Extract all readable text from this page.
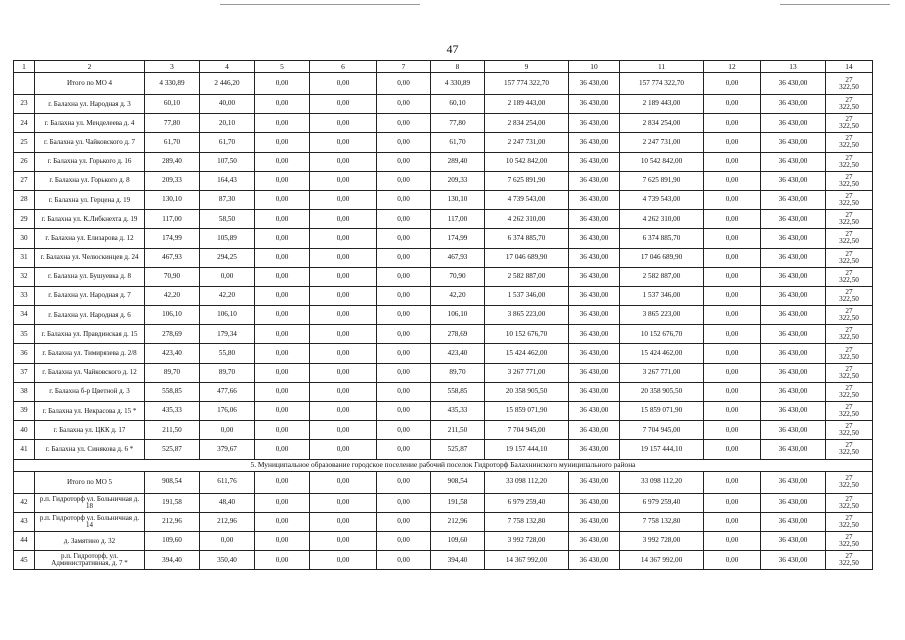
47
1	2	3	4	5	6	7	8	9	10	11	12	13	14
	Итого по МО 4	4 330,89	2 446,20	0,00	0,00	0,00	4 330,89	157 774 322,70	36 430,00	157 774 322,70	0,00	36 430,00	27
322,50

23	г. Балахна ул. Народная д. 3	60,10	40,00	0,00	0,00	0,00	60,10	2 189 443,00	36 430,00	2 189 443,00	0,00	36 430,00	27
322,50

24	г. Балахна ул. Менделеева д. 4	77,80	20,10	0,00	0,00	0,00	77,80	2 834 254,00	36 430,00	2 834 254,00	0,00	36 430,00	27
322,50

25	г. Балахна ул. Чайковского д. 7	61,70	61,70	0,00	0,00	0,00	61,70	2 247 731,00	36 430,00	2 247 731,00	0,00	36 430,00	27
322,50

26	г. Балахна ул. Горького д. 16	289,40	107,50	0,00	0,00	0,00	289,40	10 542 842,00	36 430,00	10 542 842,00	0,00	36 430,00	27
322,50

27	г. Балахна ул. Горького д. 8	209,33	164,43	0,00	0,00	0,00	209,33	7 625 891,90	36 430,00	7 625 891,90	0,00	36 430,00	27
322,50

28	г. Балахна ул. Герцена д. 19	130,10	87,30	0,00	0,00	0,00	130,10	4 739 543,00	36 430,00	4 739 543,00	0,00	36 430,00	27
322,50

29	г. Балахна ул. К.Либкнехта д. 19	117,00	58,50	0,00	0,00	0,00	117,00	4 262 310,00	36 430,00	4 262 310,00	0,00	36 430,00	27
322,50

30	г. Балахна ул. Елизарова д. 12	174,99	105,89	0,00	0,00	0,00	174,99	6 374 885,70	36 430,00	6 374 885,70	0,00	36 430,00	27
322,50

31	г. Балахна ул. Челюскинцев д. 24	467,93	294,25	0,00	0,00	0,00	467,93	17 046 689,90	36 430,00	17 046 689,90	0,00	36 430,00	27
322,50

32	г. Балахна ул. Бушуевка д. 8	70,90	0,00	0,00	0,00	0,00	70,90	2 582 887,00	36 430,00	2 582 887,00	0,00	36 430,00	27
322,50

33	г. Балахна ул. Народная д. 7	42,20	42,20	0,00	0,00	0,00	42,20	1 537 346,00	36 430,00	1 537 346,00	0,00	36 430,00	27
322,50

34	г. Балахна ул. Народная д. 6	106,10	106,10	0,00	0,00	0,00	106,10	3 865 223,00	36 430,00	3 865 223,00	0,00	36 430,00	27
322,50

35	г. Балахна ул. Правдинская д. 15	278,69	179,34	0,00	0,00	0,00	278,69	10 152 676,70	36 430,00	10 152 676,70	0,00	36 430,00	27
322,50

36	г. Балахна ул. Тимирязева д. 2/8	423,40	55,80	0,00	0,00	0,00	423,40	15 424 462,00	36 430,00	15 424 462,00	0,00	36 430,00	27
322,50

37	г. Балахна ул. Чайковского д. 12	89,70	89,70	0,00	0,00	0,00	89,70	3 267 771,00	36 430,00	3 267 771,00	0,00	36 430,00	27
322,50

38	г. Балахна б-р Цветной д. 3	558,85	477,66	0,00	0,00	0,00	558,85	20 358 905,50	36 430,00	20 358 905,50	0,00	36 430,00	27
322,50

39	г. Балахна ул. Некрасова д. 15 *	435,33	176,06	0,00	0,00	0,00	435,33	15 859 071,90	36 430,00	15 859 071,90	0,00	36 430,00	27
322,50

40	г. Балахна ул. ЦКК д. 17	211,50	0,00	0,00	0,00	0,00	211,50	7 704 945,00	36 430,00	7 704 945,00	0,00	36 430,00	27
322,50

41	г. Балахна ул. Синякова д. 6 *	525,87	379,67	0,00	0,00	0,00	525,87	19 157 444,10	36 430,00	19 157 444,10	0,00	36 430,00	27
322,50

5. Муниципальное образование городское поселение рабочий поселок Гидроторф Балахнинского муниципального района													
	Итого по МО 5	908,54	611,76	0,00	0,00	0,00	908,54	33 098 112,20	36 430,00	33 098 112,20	0,00	36 430,00	27
322,50

42	р.п. Гидроторф ул. Больничная д. 18	191,58	48,40	0,00	0,00	0,00	191,58	6 979 259,40	36 430,00	6 979 259,40	0,00	36 430,00	27
322,50

43	р.п. Гидроторф ул. Больничная д. 14	212,96	212,96	0,00	0,00	0,00	212,96	7 758 132,80	36 430,00	7 758 132,80	0,00	36 430,00	27
322,50

44	д. Замятино д. 32	109,60	0,00	0,00	0,00	0,00	109,60	3 992 728,00	36 430,00	3 992 728,00	0,00	36 430,00	27
322,50

45	р.п. Гидроторф, ул. Административная, д. 7 *	394,40	350,40	0,00	0,00	0,00	394,40	14 367 992,00	36 430,00	14 367 992,00	0,00	36 430,00	27
322,50
